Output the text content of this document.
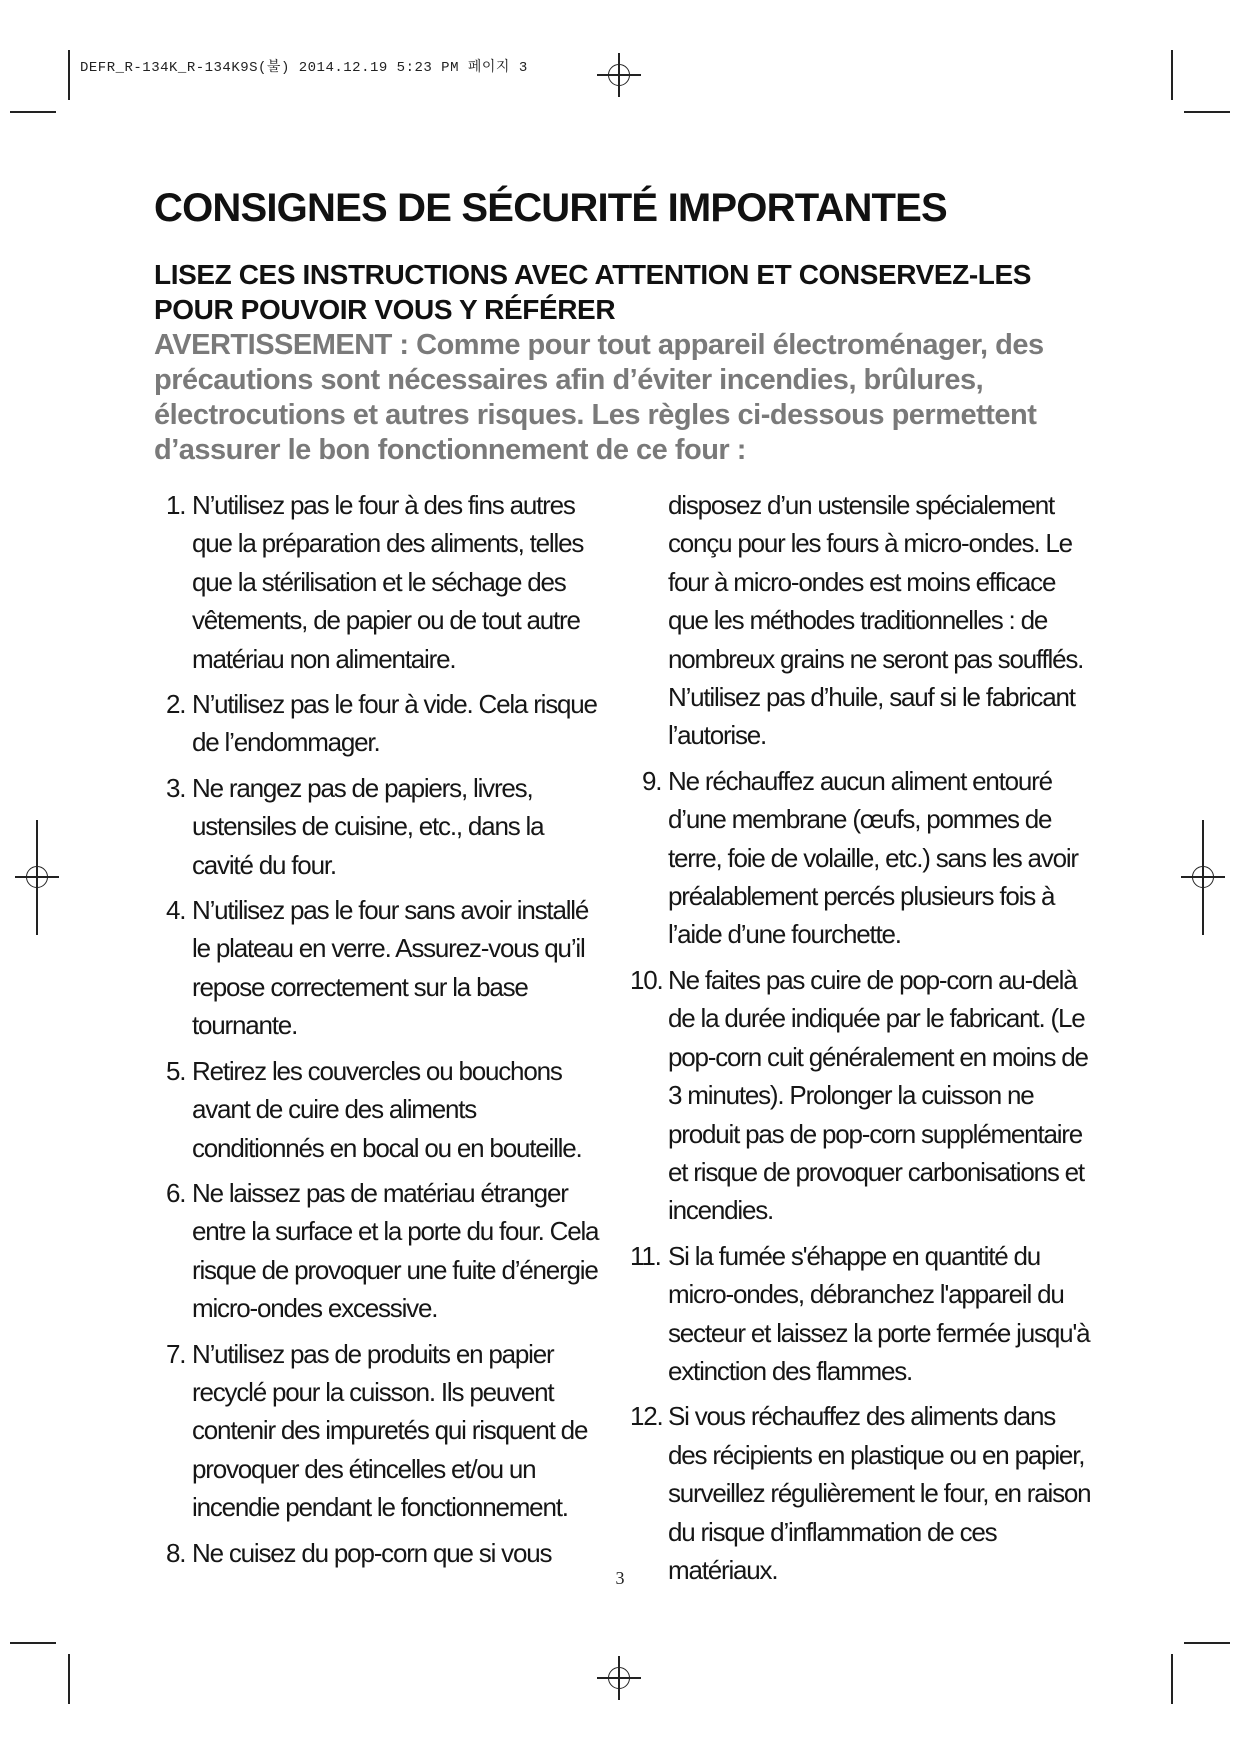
DEFR_R-134K_R-134K9S(불) 2014.12.19 5:23 PM 페이지 3
CONSIGNES DE SÉCURITÉ IMPORTANTES
LISEZ CES INSTRUCTIONS AVEC ATTENTION ET CONSERVEZ-LES POUR POUVOIR VOUS Y RÉFÉRER

AVERTISSEMENT : Comme pour tout appareil électroménager, des précautions sont nécessaires afin d’éviter incendies, brûlures, électrocutions et autres risques. Les règles ci-dessous permettent d’assurer le bon fonctionnement de ce four :

1. N’utilisez pas le four à des fins autres que la préparation des aliments, telles que la stérilisation et le séchage des vêtements, de papier ou de tout autre matériau non alimentaire.
2. N’utilisez pas le four à vide. Cela risque de l’endommager.
3. Ne rangez pas de papiers, livres, ustensiles de cuisine, etc., dans la cavité du four.
4. N’utilisez pas le four sans avoir installé le plateau en verre. Assurez-vous qu’il repose correctement sur la base tournante.
5. Retirez les couvercles ou bouchons avant de cuire des aliments conditionnés en bocal ou en bouteille.
6. Ne laissez pas de matériau étranger entre la surface et la porte du four. Cela risque de provoquer une fuite d’énergie micro-ondes excessive.
7. N’utilisez pas de produits en papier recyclé pour la cuisson. Ils peuvent contenir des impuretés qui risquent de provoquer des étincelles et/ou un incendie pendant le fonctionnement.
8. Ne cuisez du pop-corn que si vous
disposez d’un ustensile spécialement conçu pour les fours à micro-ondes. Le four à micro-ondes est moins efficace que les méthodes traditionnelles : de nombreux grains ne seront pas soufflés. N’utilisez pas d’huile, sauf si le fabricant l’autorise.
9. Ne réchauffez aucun aliment entouré d’une membrane (œufs, pommes de terre, foie de volaille, etc.) sans les avoir préalablement percés plusieurs fois à l’aide d’une fourchette.
10. Ne faites pas cuire de pop-corn au-delà de la durée indiquée par le fabricant. (Le pop-corn cuit généralement en moins de 3 minutes). Prolonger la cuisson ne produit pas de pop-corn supplémentaire et risque de provoquer carbonisations et incendies.
11. Si la fumée s'éhappe en quantité du micro-ondes, débranchez l'appareil du secteur et laissez la porte fermée jusqu'à extinction des flammes.
12. Si vous réchauffez des aliments dans des récipients en plastique ou en papier, surveillez régulièrement le four, en raison du risque d’inflammation de ces matériaux.
3
